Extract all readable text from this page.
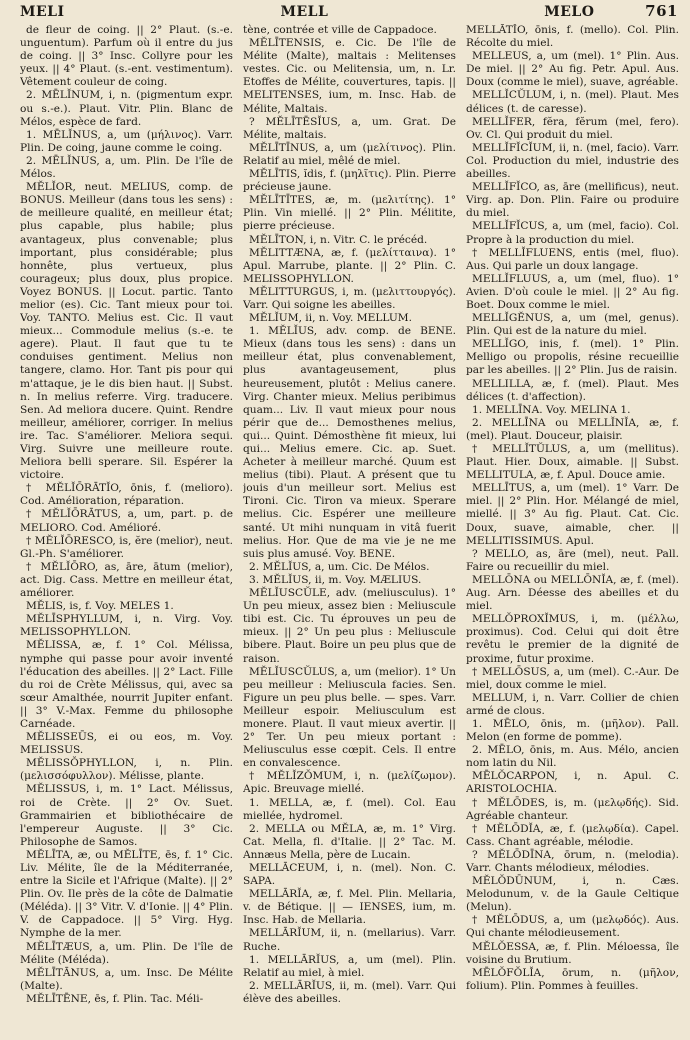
MELI	MELL	MELO	761

de fleur de coing. || 2° Plaut. (s.-e. unguentum). Parfum où il entre du jus de coing. || 3° Insc. Collyre pour les yeux. || 4° Plaut. (s.-ent. vestimentum). Vêtement couleur de coing.

2. MĒLĬNUM, i, n. (pigmentum expr. ou s.-e.). Plaut. Vitr. Plin. Blanc de Mélos, espèce de fard.

1. MĒLĬNUS, a, um (μήλινος). Varr. Plin. De coing, jaune comme le coing.

2. MĒLĬNUS, a, um. Plin. De l'île de Mélos.

MĔLĬOR, neut. MELIUS, comp. de BONUS. Meilleur (dans tous les sens) : de meilleure qualité, en meilleur état; plus capable, plus habile; plus avantageux, plus convenable; plus important, plus considérable; plus honnête, plus vertueux, plus courageux; plus doux, plus propice. Voyez BONUS. || Locut. partic. Tanto melior (es). Cic. Tant mieux pour toi. Voy. TANTO. Melius est. Cic. Il vaut mieux... Commodule melius (s.-e. te agere). Plaut. Il faut que tu te conduises gentiment. Melius non tangere, clamo. Hor. Tant pis pour qui m'attaque, je le dis bien haut. || Subst. n. In melius referre. Virg. traducere. Sen. Ad meliora ducere. Quint. Rendre meilleur, améliorer, corriger. In melius ire. Tac. S'améliorer. Meliora sequi. Virg. Suivre une meilleure route. Meliora belli sperare. Sil. Espérer la victoire.

† MĔLĬŌRĀTĬO, ōnis, f. (melioro). Cod. Amélioration, réparation.

† MĔLĬŌRĀTUS, a, um, part. p. de MELIORO. Cod. Amélioré.

† MĔLĬŌRESCO, is, ĕre (melior), neut. Gl.-Ph. S'améliorer.

† MĔLĬŌRO, as, āre, ātum (melior), act. Dig. Cass. Mettre en meilleur état, améliorer.

MĔLIS, is, f. Voy. MELES 1.

MĔLĪSPHYLLUM, i, n. Virg. Voy. MELISSOPHYLLON.

MĔLISSA, æ, f. 1° Col. Mélissa, nymphe qui passe pour avoir inventé l'éducation des abeilles. || 2° Lact. Fille du roi de Crète Mélissus, qui, avec sa sœur Amalthée, nourrit Jupiter enfant. || 3° V.-Max. Femme du philosophe Carnéade.

MĔLISSEŪS, ei ou eos, m. Voy. MELISSUS.

MĔLISSŎPHYLLON, i, n. Plin. (μελισσόφυλλον). Mélisse, plante.

MĔLISSUS, i, m. 1° Lact. Mélissus, roi de Crète. || 2° Ov. Suet. Grammairien et bibliothécaire de l'empereur Auguste. || 3° Cic. Philosophe de Samos.

MĔLĪTA, æ, ou MĔLĪTE, ēs, f. 1° Cic. Liv. Mélite, île de la Méditerranée, entre la Sicile et l'Afrique (Malte). || 2° Plin. Ov. Ile près de la côte de Dalmatie (Méléda). || 3° Vitr. V. d'Ionie. || 4° Plin. V. de Cappadoce. || 5° Virg. Hyg. Nymphe de la mer.

MĔLĪTÆUS, a, um. Plin. De l'île de Mélite (Méléda).

MĔLĪTĀNUS, a, um. Insc. De Mélite (Malte).

MĔLĪTĒNE, ēs, f. Plin. Tac. Méli-

tène, contrée et ville de Cappadoce.

MĔLĪTENSIS, e. Cic. De l'île de Mélite (Malte), maltais : Melitenses vestes. Cic. ou Melitensia, um, n. Lr. Etoffes de Mélite, couvertures, tapis. || MELITENSES, ium, m. Insc. Hab. de Mélite, Maltais.

? MĔLĪTĒSĬUS, a, um. Grat. De Mélite, maltais.

MĔLĪTĪNUS, a, um (μελίτινος). Plin. Relatif au miel, mêlé de miel.

MĔLĪTIS, ĭdis, f. (μηλῖτις). Plin. Pierre précieuse jaune.

MĔLĪTĪTES, æ, m. (μελιτίτης). 1° Plin. Vin miellé. || 2° Plin. Mélitite, pierre précieuse.

MĔLĪTON, i, n. Vitr. C. le précéd.

MĔLITTÆNA, æ, f. (μελίτταινα). 1° Apul. Marrube, plante. || 2° Plin. C. MELISSOPHYLLON.

MĔLITTURGUS, i, m. (μελιττουργός). Varr. Qui soigne les abeilles.

MĔLĬUM, ii, n. Voy. MELLUM.

1. MĔLĬUS, adv. comp. de BENE. Mieux (dans tous les sens) : dans un meilleur état, plus convenablement, plus avantageusement, plus heureusement, plutôt : Melius canere. Virg. Chanter mieux. Melius peribimus quam... Liv. Il vaut mieux pour nous périr que de... Demosthenes melius, qui... Quint. Démosthène fit mieux, lui qui... Melius emere. Cic. ap. Suet. Acheter à meilleur marché. Quum est melius (tibi). Plaut. A présent que tu jouis d'un meilleur sort. Melius est Tironi. Cic. Tiron va mieux. Sperare melius. Cic. Espérer une meilleure santé. Ut mihi nunquam in vitâ fuerit melius. Hor. Que de ma vie je ne me suis plus amusé. Voy. BENE.

2. MĔLĬUS, a, um. Cic. De Mélos.

3. MĔLĬUS, ii, m. Voy. MÆLIUS.

MĔLĬUSCŬLE, adv. (meliusculus). 1° Un peu mieux, assez bien : Meliuscule tibi est. Cic. Tu éprouves un peu de mieux. || 2° Un peu plus : Meliuscule bibere. Plaut. Boire un peu plus que de raison.

MĔLĬUSCŬLUS, a, um (melior). 1° Un peu meilleur : Meliuscula facies. Sen. Figure un peu plus belle. — spes. Varr. Meilleur espoir. Meliusculum est monere. Plaut. Il vaut mieux avertir. || 2° Ter. Un peu mieux portant : Meliusculus esse cœpit. Cels. Il entre en convalescence.

† MĔLĬZŎMUM, i, n. (μελίζωμον). Apic. Breuvage miellé.

1. MELLA, æ, f. (mel). Col. Eau miellée, hydromel.

2. MELLA ou MĔLA, æ, m. 1° Virg. Cat. Mella, fl. d'Italie. || 2° Tac. M. Annæus Mella, père de Lucain.

MELLĀCEUM, i, n. (mel). Non. C. SAPA.

MELLĀRĬA, æ, f. Mel. Plin. Mellaria, v. de Bétique. || — IENSES, ium, m. Insc. Hab. de Mellaria.

MELLĀRĬUM, ii, n. (mellarius). Varr. Ruche.

1. MELLĀRĬUS, a, um (mel). Plin. Relatif au miel, à miel.

2. MELLĀRĬUS, ii, m. (mel). Varr. Qui élève des abeilles.

MELLĀTĬO, ōnis, f. (mello). Col. Plin. Récolte du miel.

MELLEUS, a, um (mel). 1° Plin. Aus. De miel. || 2° Au fig. Petr. Apul. Aus. Doux (comme le miel), suave, agréable.

MELLĬCŬLUM, i, n. (mel). Plaut. Mes délices (t. de caresse).

MELLĬFER, fĕra, fĕrum (mel, fero). Ov. Cl. Qui produit du miel.

MELLĬFĬCĬUM, ii, n. (mel, facio). Varr. Col. Production du miel, industrie des abeilles.

MELLĬFĬCO, as, āre (mellificus), neut. Virg. ap. Don. Plin. Faire ou produire du miel.

MELLĬFĬCUS, a, um (mel, facio). Col. Propre à la production du miel.

† MELLĬFLUENS, entis (mel, fluo). Aus. Qui parle un doux langage.

MELLĬFLUUS, a, um (mel, fluo). 1° Avien. D'où coule le miel. || 2° Au fig. Boet. Doux comme le miel.

MELLĬGĔNUS, a, um (mel, genus). Plin. Qui est de la nature du miel.

MELLĬGO, inis, f. (mel). 1° Plin. Melligo ou propolis, résine recueillie par les abeilles. || 2° Plin. Jus de raisin.

MELLILLA, æ, f. (mel). Plaut. Mes délices (t. d'affection).

1. MELLĪNA. Voy. MELINA 1.

2. MELLĪNA ou MELLĬNĬA, æ, f. (mel). Plaut. Douceur, plaisir.

† MELLĬTŬLUS, a, um (mellitus). Plaut. Hier. Doux, aimable. || Subst. MELLITULA, æ, f. Apul. Douce amie.

MELLĪTUS, a, um (mel). 1° Varr. De miel. || 2° Plin. Hor. Mélangé de miel, miellé. || 3° Au fig. Plaut. Cat. Cic. Doux, suave, aimable, cher. || MELLITISSIMUS. Apul.

? MELLO, as, āre (mel), neut. Pall. Faire ou recueillir du miel.

MELLŌNA ou MELLŌNĬA, æ, f. (mel). Aug. Arn. Déesse des abeilles et du miel.

MELLŎPROXĬMUS, i, m. (μέλλω, proximus). Cod. Celui qui doit être revêtu le premier de la dignité de proxime, futur proxime.

† MELLŌSUS, a, um (mel). C.-Aur. De miel, doux comme le miel.

MELLUM, i, n. Varr. Collier de chien armé de clous.

1. MĒLO, ōnis, m. (μῆλον). Pall. Melon (en forme de pomme).

2. MĒLO, ōnis, m. Aus. Mélo, ancien nom latin du Nil.

MĒLŎCARPON, i, n. Apul. C. ARISTOLOCHIA.

† MĔLŌDES, is, m. (μελῳδής). Sid. Agréable chanteur.

† MĔLŌDĬA, æ, f. (μελῳδία). Capel. Cass. Chant agréable, mélodie.

? MĔLŌDĪNA, ōrum, n. (melodia). Varr. Chants mélodieux, mélodies.

MĔLŎDŪNUM, i, n. Cæs. Melodunum, v. de la Gaule Celtique (Melun).

† MĔLŌDUS, a, um (μελῳδός). Aus. Qui chante mélodieusement.

MĔLŎESSA, æ, f. Plin. Méloessa, île voisine du Brutium.

MĒLŎFŎLĬA, ōrum, n. (μῆλον, folium). Plin. Pommes à feuilles.
